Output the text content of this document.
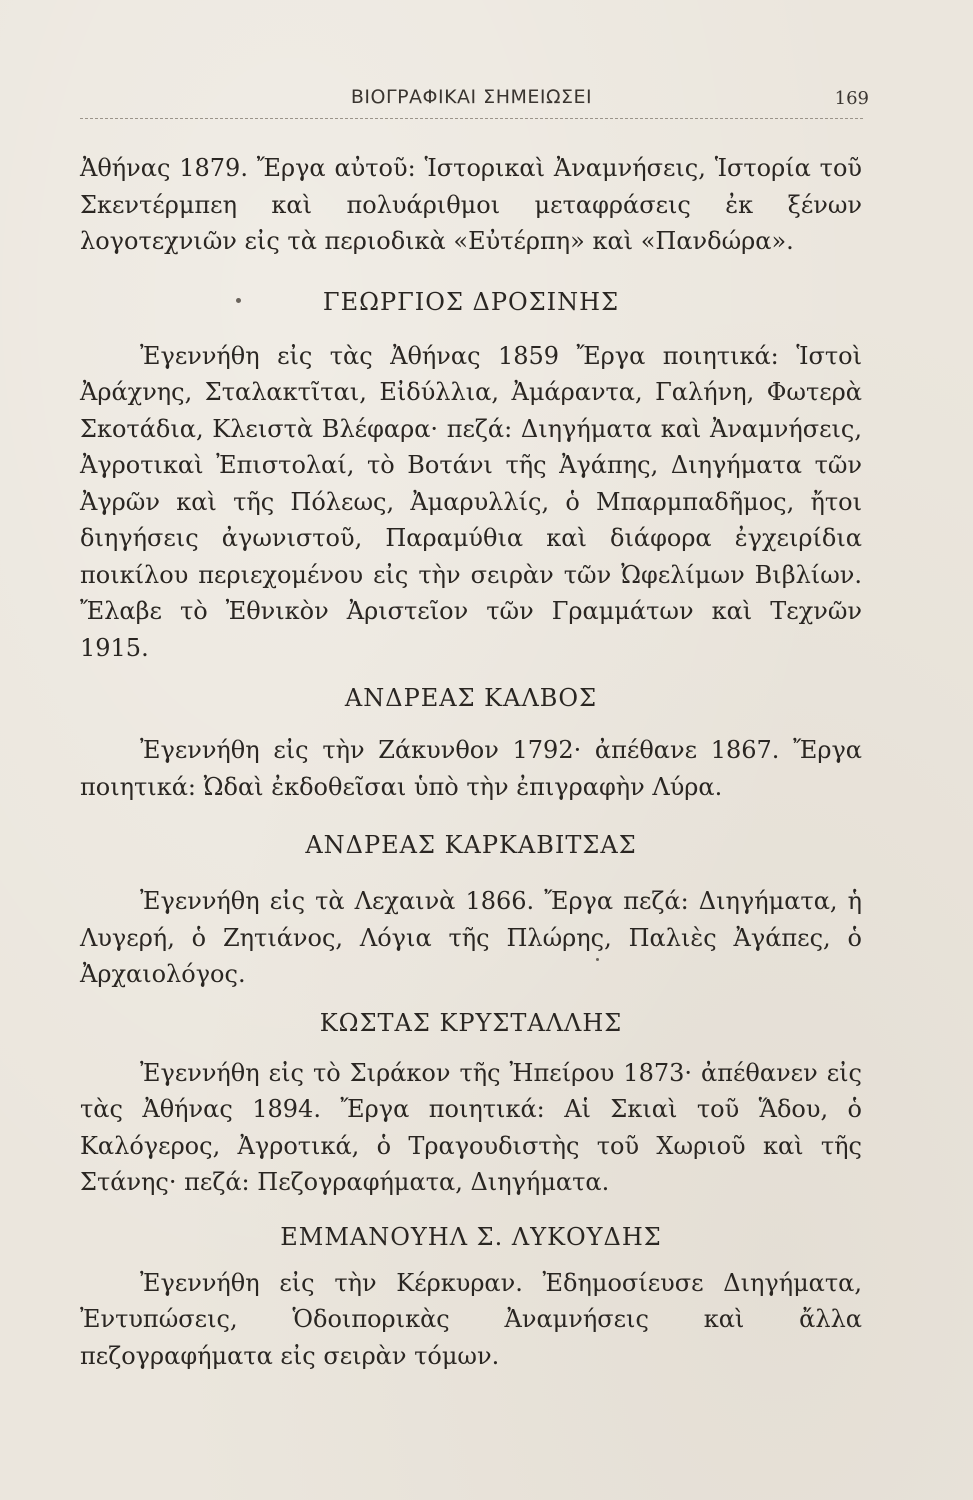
ΒΙΟΓΡΑΦΙΚΑΙ ΣΗΜΕΙΩΣΕΙ	169

Ἀθήνας 1879. Ἔργα αὐτοῦ: Ἱστορικαὶ Ἀναμνήσεις, Ἱστορία τοῦ Σκεντέρμπεη καὶ πολυάριθμοι μεταφράσεις ἐκ ξένων λογοτεχνιῶν εἰς τὰ περιοδικὰ «Εὐτέρπη» καὶ «Πανδώρα».

ΓΕΩΡΓΙΟΣ ΔΡΟΣΙΝΗΣ

Ἐγεννήθη εἰς τὰς Ἀθήνας 1859 Ἔργα ποιητικά: Ἱστοὶ Ἀράχνης, Σταλακτῖται, Εἰδύλλια, Ἀμάραντα, Γαλήνη, Φωτερὰ Σκοτάδια, Κλειστὰ Βλέφαρα· πεζά: Διηγήματα καὶ Ἀναμνήσεις, Ἀγροτικαὶ Ἐπιστολαί, τὸ Βοτάνι τῆς Ἀγάπης, Διηγήματα τῶν Ἀγρῶν καὶ τῆς Πόλεως, Ἀμαρυλλίς, ὁ Μπαρμπαδῆμος, ἤτοι διηγήσεις ἀγωνιστοῦ, Παραμύθια καὶ διάφορα ἐγχειρίδια ποικίλου περιεχομένου εἰς τὴν σειρὰν τῶν Ὠφελίμων Βιβλίων. Ἔλαβε τὸ Ἐθνικὸν Ἀριστεῖον τῶν Γραμμάτων καὶ Τεχνῶν 1915.

ΑΝΔΡΕΑΣ ΚΑΛΒΟΣ

Ἐγεννήθη εἰς τὴν Ζάκυνθον 1792· ἀπέθανε 1867. Ἔργα ποιητικά: Ὠδαὶ ἐκδοθεῖσαι ὑπὸ τὴν ἐπιγραφὴν Λύρα.

ΑΝΔΡΕΑΣ ΚΑΡΚΑΒΙΤΣΑΣ

Ἐγεννήθη εἰς τὰ Λεχαινὰ 1866. Ἔργα πεζά: Διηγήματα, ἡ Λυγερή, ὁ Ζητιάνος, Λόγια τῆς Πλώρης, Παλιὲς Ἀγάπες, ὁ Ἀρχαιολόγος.

ΚΩΣΤΑΣ ΚΡΥΣΤΑΛΛΗΣ

Ἐγεννήθη εἰς τὸ Σιράκον τῆς Ἠπείρου 1873· ἀπέθανεν εἰς τὰς Ἀθήνας 1894. Ἔργα ποιητικά: Αἱ Σκιαὶ τοῦ Ἅδου, ὁ Καλόγερος, Ἀγροτικά, ὁ Τραγουδιστὴς τοῦ Χωριοῦ καὶ τῆς Στάνης· πεζά: Πεζογραφήματα, Διηγήματα.

ΕΜΜΑΝΟΥΗΛ Σ. ΛΥΚΟΥΔΗΣ

Ἐγεννήθη εἰς τὴν Κέρκυραν. Ἐδημοσίευσε Διηγήματα, Ἐντυπώσεις, Ὁδοιπορικὰς Ἀναμνήσεις καὶ ἄλλα πεζογραφήματα εἰς σειρὰν τόμων.
